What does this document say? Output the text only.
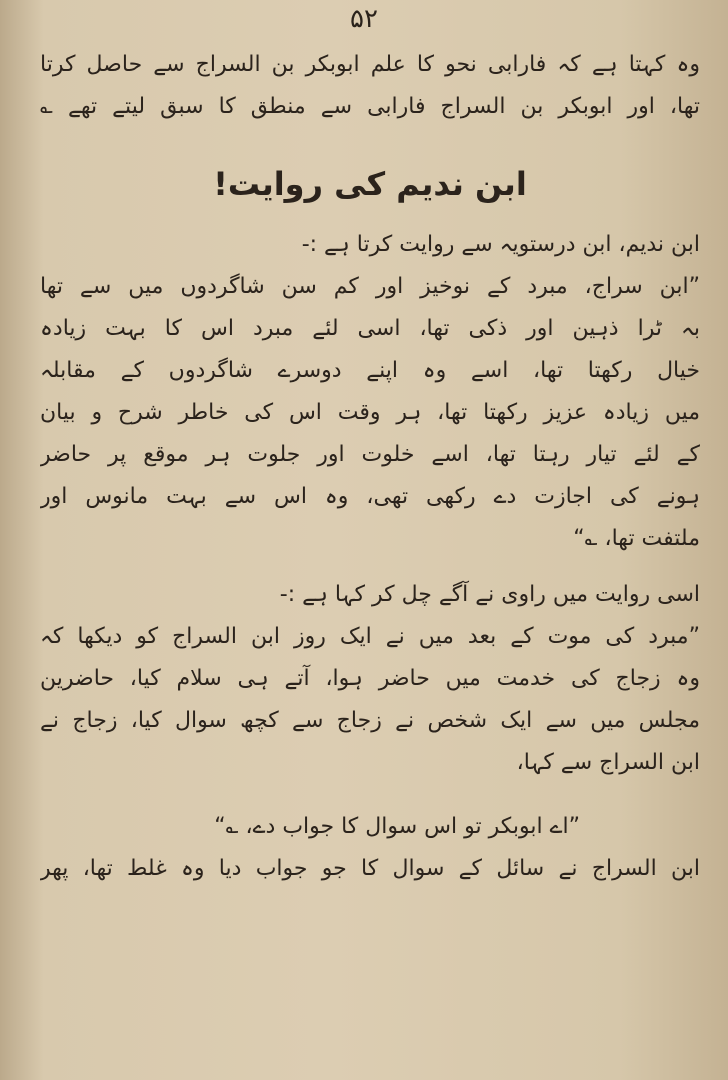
۵۲
وہ کہتا ہے کہ فارابی نحو کا علم ابوبکر بن السراج سے حاصل کرتا
تھا، اور ابوبکر بن السراج فارابی سے منطق کا سبق لیتے تھے ؎
ابن ندیم کی روایت!
ابن ندیم، ابن درستویہ سے روایت کرتا ہے :-
”ابن سراج، مبرد کے نوخیز اور کم سن شاگردوں میں سے تھا
بہ ٹرا ذہین اور ذکی تھا، اسی لئے مبرد اس کا بہت زیادہ
خیال رکھتا تھا، اسے وہ اپنے دوسرے شاگردوں کے مقابلہ
میں زیادہ عزیز رکھتا تھا، ہر وقت اس کی خاطر شرح و بیان
کے لئے تیار رہتا تھا، اسے خلوت اور جلوت ہر موقع پر حاضر
ہونے کی اجازت دے رکھی تھی، وہ اس سے بہت مانوس اور
ملتفت تھا، ؎“
اسی روایت میں راوی نے آگے چل کر کہا ہے :-
”مبرد کی موت کے بعد میں نے ایک روز ابن السراج کو دیکھا کہ
وہ زجاج کی خدمت میں حاضر ہوا، آتے ہی سلام کیا، حاضرین
مجلس میں سے ایک شخص نے زجاج سے کچھ سوال کیا، زجاج نے
ابن السراج سے کہا،
”اے ابوبکر تو اس سوال کا جواب دے، ؎“
ابن السراج نے سائل کے سوال کا جو جواب دیا وہ غلط تھا، پھر
